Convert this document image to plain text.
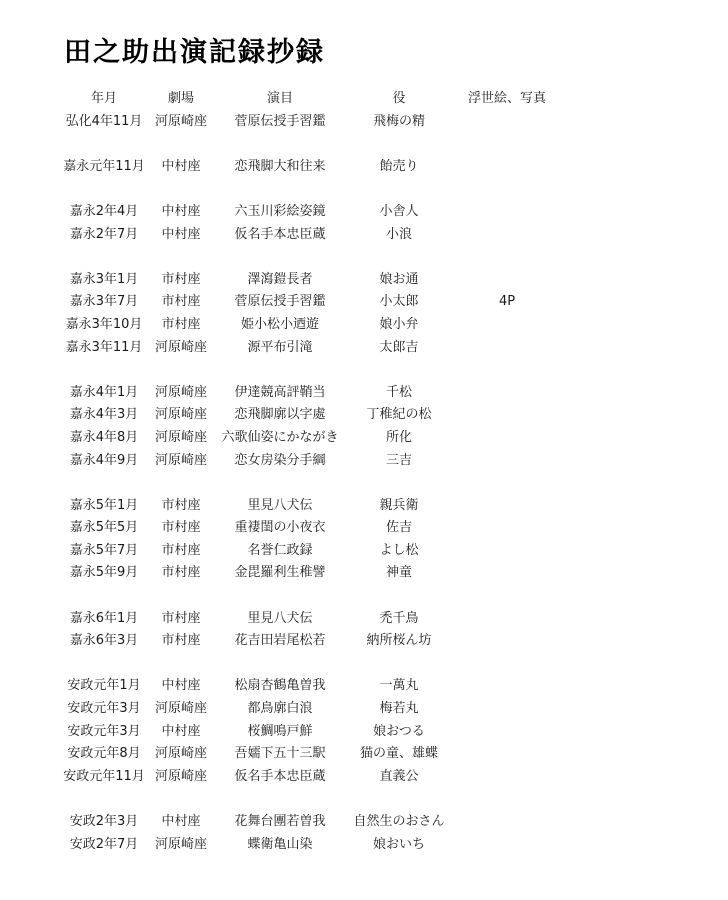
田之助出演記録抄録
年月	劇場	演目	役	浮世絵、写真
弘化4年11月 河原崎座	菅原伝授手習鑑	飛梅の精
嘉永元年11月	中村座	恋飛脚大和往来	飴売り
嘉永2年4月	中村座	六玉川彩絵姿鏡	小舎人
嘉永2年7月	中村座	仮名手本忠臣蔵	小浪
嘉永3年1月	市村座	澤瀉鎧長者	娘お通
嘉永3年7月	市村座	菅原伝授手習鑑	小太郎	4P
嘉永3年10月	市村座	姫小松小迺遊	娘小弁
嘉永3年11月 河原崎座	源平布引滝	太郎吉
嘉永4年1月	河原崎座	伊達競高評鞘当	千松
嘉永4年3月	河原崎座	恋飛脚廓以字處	丁稚紀の松
嘉永4年8月	河原崎座	六歌仙姿にかながき	所化
嘉永4年9月	河原崎座	恋女房染分手綱	三吉
嘉永5年1月	市村座	里見八犬伝	親兵衛
嘉永5年5月	市村座	重褄閨の小夜衣	佐吉
嘉永5年7月	市村座	名誉仁政録	よし松
嘉永5年9月	市村座	金毘羅利生稚譬	神童
嘉永6年1月	市村座	里見八犬伝	禿千鳥
嘉永6年3月	市村座	花吉田岩尾松若	納所桜ん坊
安政元年1月	中村座	松扇杏鶴亀曽我	一萬丸
安政元年3月	河原崎座	都鳥廓白浪	梅若丸
安政元年3月	中村座	桜鯛鳴戸鮮	娘おつる
安政元年8月	河原崎座	吾嬬下五十三駅	猫の童、雄蝶
安政元年11月 河原崎座	仮名手本忠臣蔵	直義公
安政2年3月	中村座	花舞台團若曽我	自然生のおさん
安政2年7月	河原崎座	蝶衛亀山染	娘おいち
